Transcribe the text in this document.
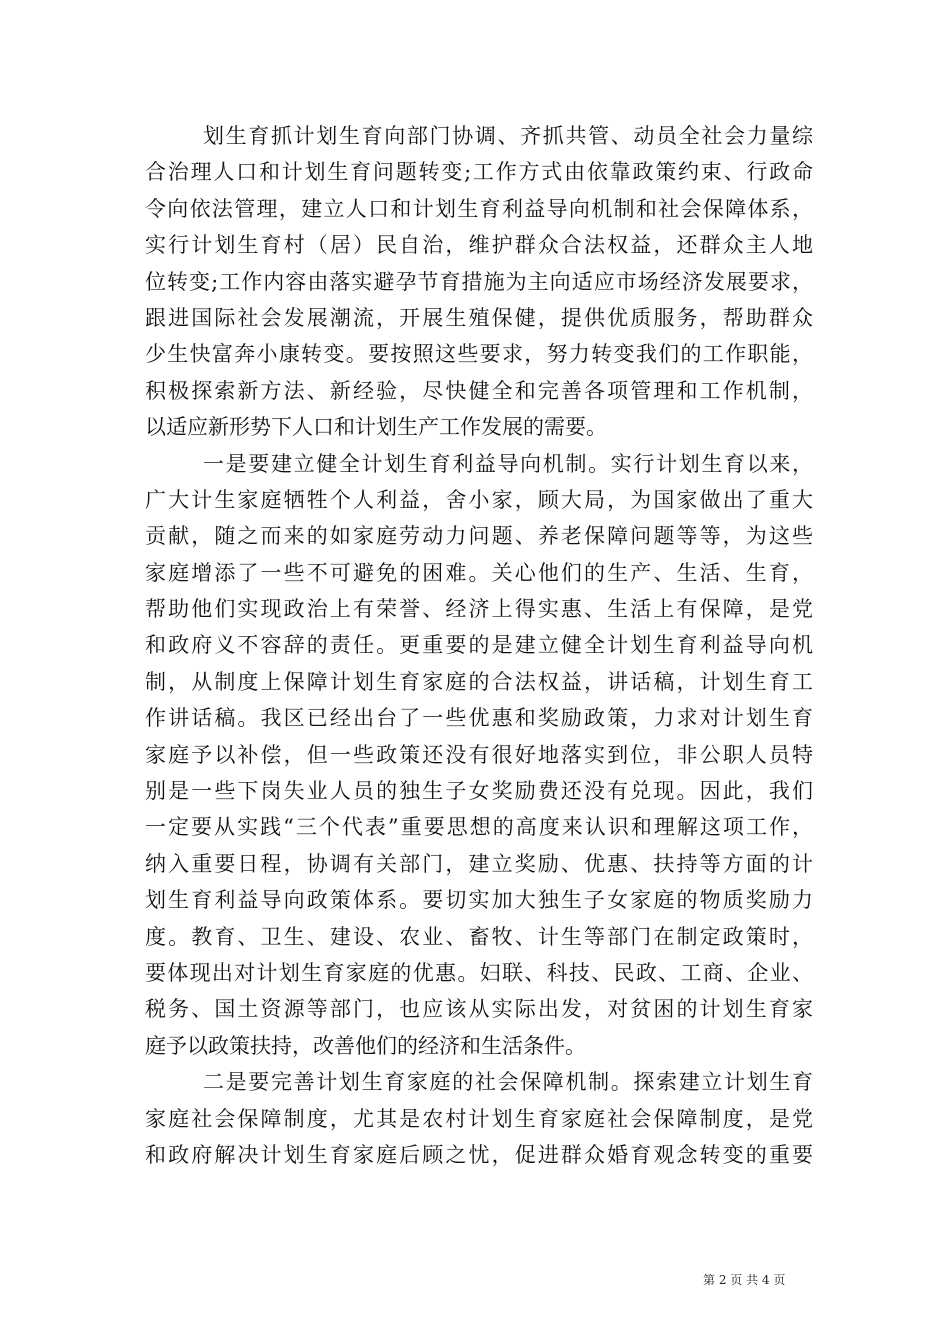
划生育抓计划生育向部门协调、齐抓共管、动员全社会力量综
合治理人口和计划生育问题转变;工作方式由依靠政策约束、行政命
令向依法管理，建立人口和计划生育利益导向机制和社会保障体系，
实行计划生育村（居）民自治，维护群众合法权益，还群众主人地
位转变;工作内容由落实避孕节育措施为主向适应市场经济发展要求，
跟进国际社会发展潮流，开展生殖保健，提供优质服务，帮助群众
少生快富奔小康转变。要按照这些要求，努力转变我们的工作职能，
积极探索新方法、新经验，尽快健全和完善各项管理和工作机制，
以适应新形势下人口和计划生产工作发展的需要。
一是要建立健全计划生育利益导向机制。实行计划生育以来，
广大计生家庭牺牲个人利益，舍小家，顾大局，为国家做出了重大
贡献，随之而来的如家庭劳动力问题、养老保障问题等等，为这些
家庭增添了一些不可避免的困难。关心他们的生产、生活、生育，
帮助他们实现政治上有荣誉、经济上得实惠、生活上有保障，是党
和政府义不容辞的责任。更重要的是建立健全计划生育利益导向机
制，从制度上保障计划生育家庭的合法权益，讲话稿，计划生育工
作讲话稿。我区已经出台了一些优惠和奖励政策，力求对计划生育
家庭予以补偿，但一些政策还没有很好地落实到位，非公职人员特
别是一些下岗失业人员的独生子女奖励费还没有兑现。因此，我们
一定要从实践“三个代表”重要思想的高度来认识和理解这项工作，
纳入重要日程，协调有关部门，建立奖励、优惠、扶持等方面的计
划生育利益导向政策体系。要切实加大独生子女家庭的物质奖励力
度。教育、卫生、建设、农业、畜牧、计生等部门在制定政策时，
要体现出对计划生育家庭的优惠。妇联、科技、民政、工商、企业、
税务、国土资源等部门，也应该从实际出发，对贫困的计划生育家
庭予以政策扶持，改善他们的经济和生活条件。
二是要完善计划生育家庭的社会保障机制。探索建立计划生育
家庭社会保障制度，尤其是农村计划生育家庭社会保障制度，是党
和政府解决计划生育家庭后顾之忧，促进群众婚育观念转变的重要
第 2 页 共 4 页
